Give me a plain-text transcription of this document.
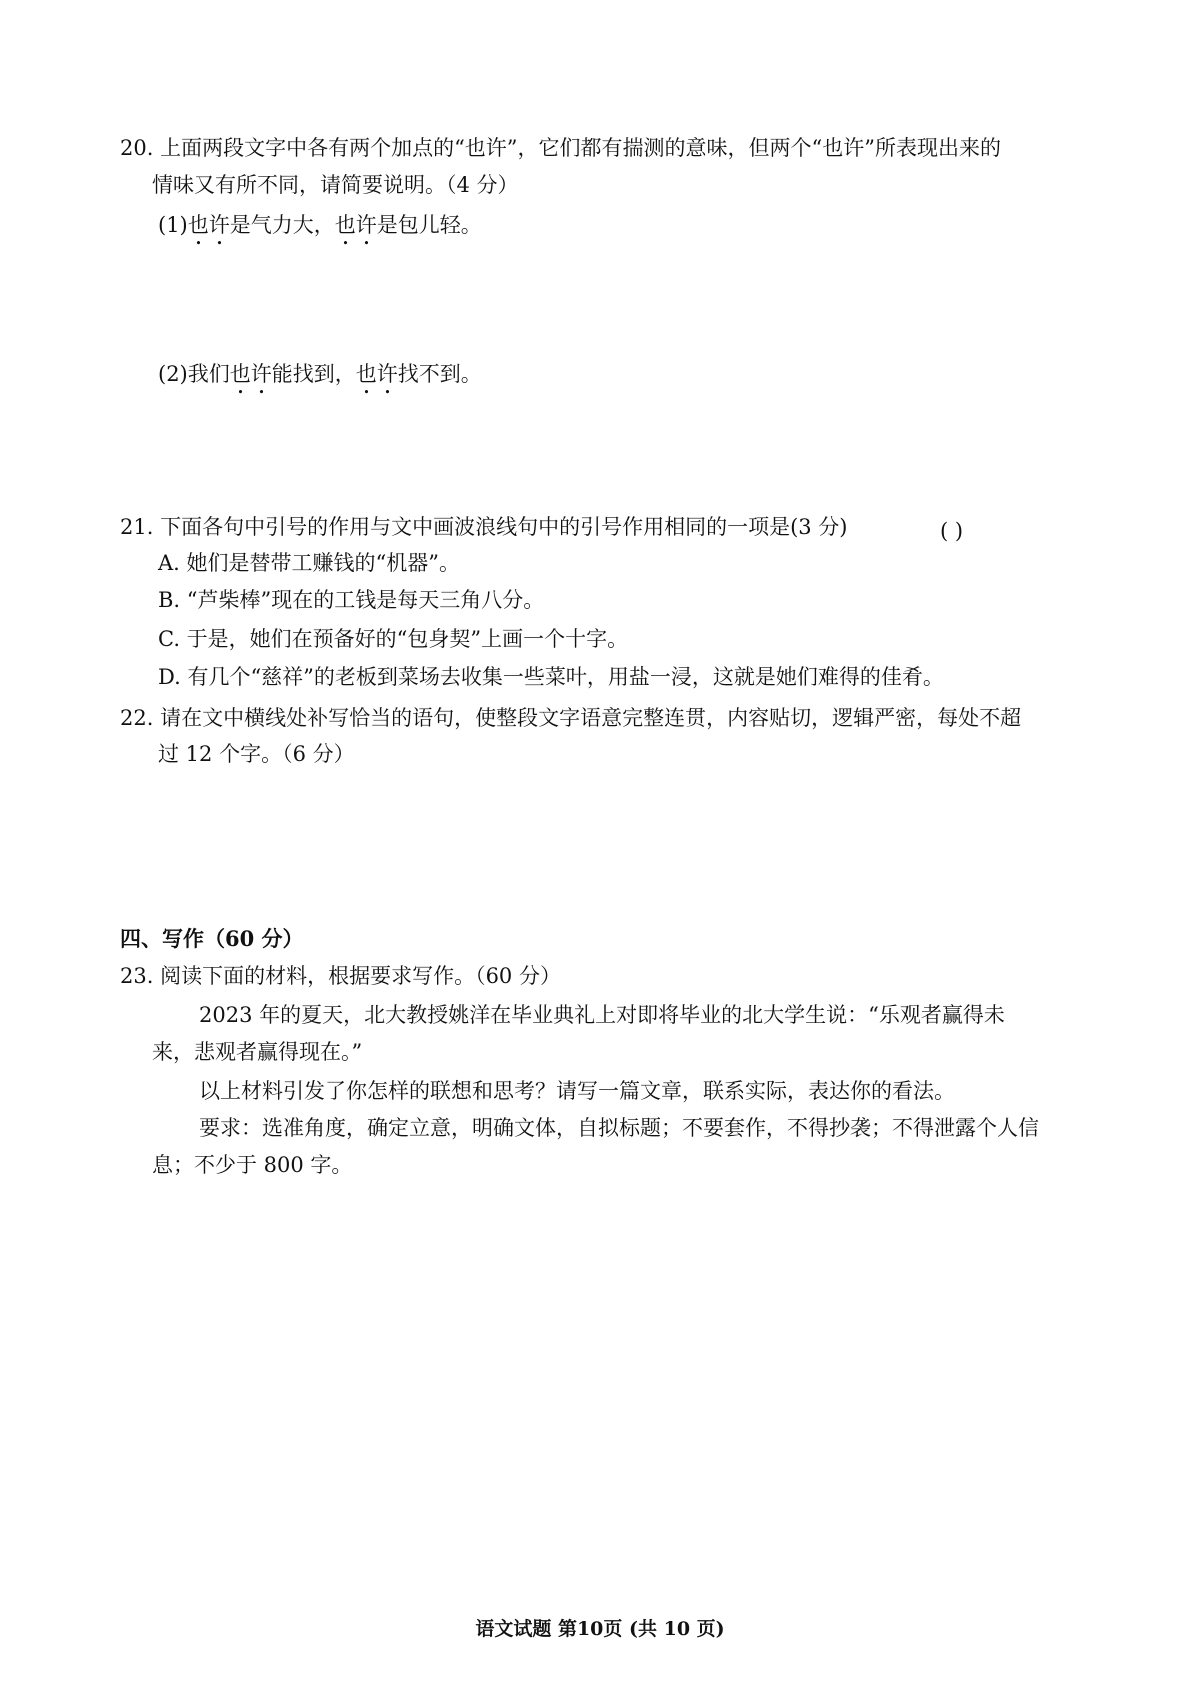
20. 上面两段文字中各有两个加点的“也许”，它们都有揣测的意味，但两个“也许”所表现出来的
情味又有所不同，请简要说明。（4 分）
(1)也许是气力大，也许是包儿轻。
(2)我们也许能找到，也许找不到。
21. 下面各句中引号的作用与文中画波浪线句中的引号作用相同的一项是(3 分)	( )
A. 她们是替带工赚钱的“机器”。
B. “芦柴棒”现在的工钱是每天三角八分。
C. 于是，她们在预备好的“包身契”上画一个十字。
D. 有几个“慈祥”的老板到菜场去收集一些菜叶，用盐一浸，这就是她们难得的佳肴。
22. 请在文中横线处补写恰当的语句，使整段文字语意完整连贯，内容贴切，逻辑严密，每处不超
过 12 个字。（6 分）
四、写作（60 分）
23. 阅读下面的材料，根据要求写作。（60 分）
2023 年的夏天，北大教授姚洋在毕业典礼上对即将毕业的北大学生说：“乐观者赢得未
来，悲观者赢得现在。”
以上材料引发了你怎样的联想和思考？请写一篇文章，联系实际，表达你的看法。
要求：选准角度，确定立意，明确文体，自拟标题；不要套作，不得抄袭；不得泄露个人信
息；不少于 800 字。
语文试题 第10页 (共 10 页)
